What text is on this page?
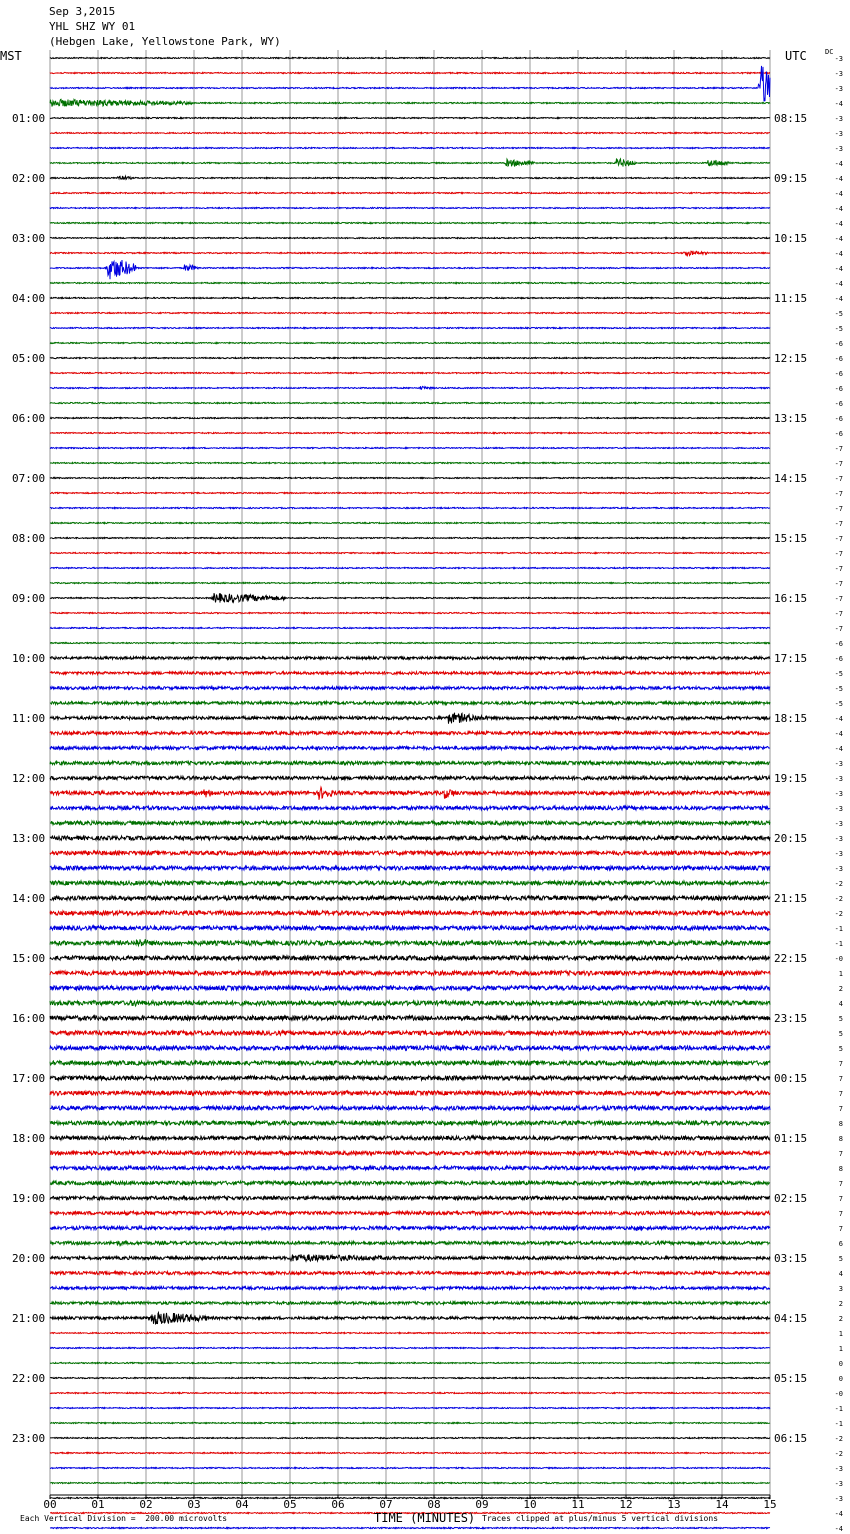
00	01	02	03	04	05	06	07	08	09	10	11	12	13	14	15
-3
-3
-3
-4
-3
-3
-3
-4
-4
-4
-4
-4
-4
-4
-4
-4
-4
-5
-5
-6
-6
-6
-6
-6
-6
-6
-7
-7
-7
-7
-7
-7
-7
-7
-7
-7
-7
-7
-7
-6
-6
-5
-5
-5
-4
-4
-4
-3
-3
-3
-3
-3
-3
-3
-3
-2
-2
-2
-1
-1
-0
1
2
4
5
5
5
7
7
7
7
8
8
7
8
7
7
7
7
6
5
4
3
2
2
1
1
0
0
-0
-1
-1
-2
-2
-3
-3
-3
-4
-4
01:00	08:15
02:00	09:15
03:00	10:15
04:00	11:15
05:00	12:15
06:00	13:15
07:00	14:15
08:00	15:15
09:00	16:15
10:00	17:15
11:00	18:15
12:00	19:15
13:00	20:15
14:00	21:15
15:00	22:15
16:00	23:15
17:00	00:15
18:00	01:15
19:00	02:15
20:00	03:15
21:00	04:15
22:00	05:15
23:00	06:15
Sep 3,2015
YHL SHZ WY 01
(Hebgen Lake, Yellowstone Park, WY)
MST	UTC	DC
Each Vertical Division =  200.00 microvolts	TIME (MINUTES) Traces clipped at plus/minus 5 vertical divisions
